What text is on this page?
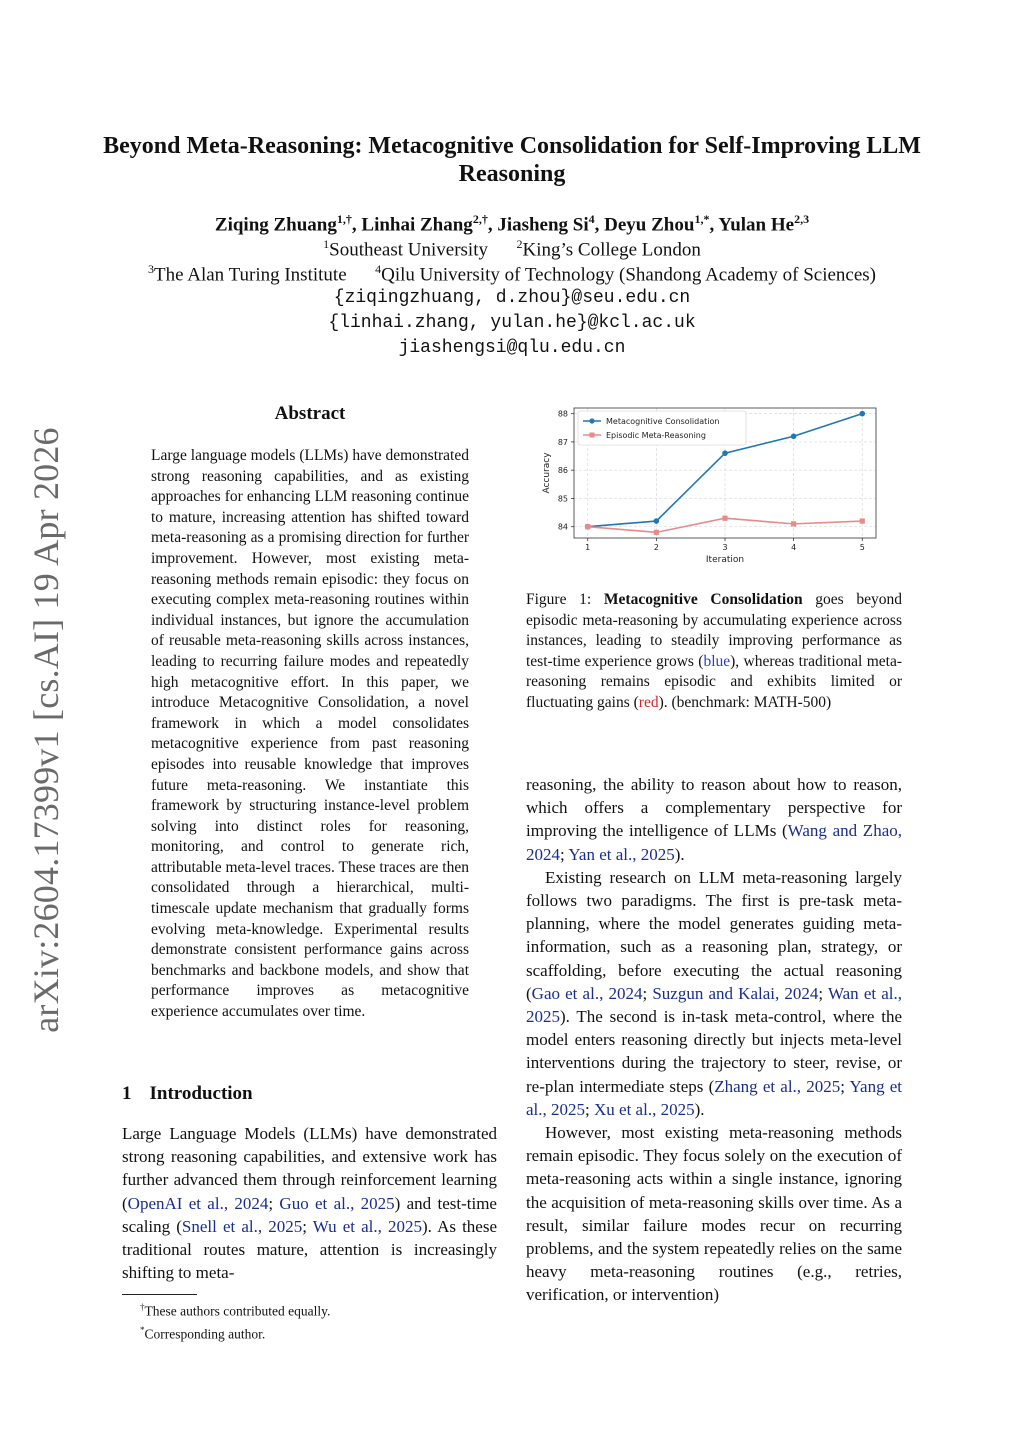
arXiv:2604.17399v1 [cs.AI] 19 Apr 2026
Beyond Meta-Reasoning: Metacognitive Consolidation for Self-Improving LLM Reasoning
Ziqing Zhuang$^{1,\dagger}$, Linhai Zhang$^{2,\dagger}$, Jiasheng Si$^4$, Deyu Zhou$^{1,*}$, Yulan He$^{2,3}$
$^1$Southeast University   $^2$King’s College London
$^3$The Alan Turing Institute   $^4$Qilu University of Technology (Shandong Academy of Sciences)
{ziqingzhuang, d.zhou}@seu.edu.cn
{linhai.zhang, yulan.he}@kcl.ac.uk
jiashengsi@qlu.edu.cn
Abstract
Large language models (LLMs) have demonstrated strong reasoning capabilities, and as existing approaches for enhancing LLM reasoning continue to mature, increasing attention has shifted toward meta-reasoning as a promising direction for further improvement. However, most existing meta-reasoning methods remain episodic: they focus on executing complex meta-reasoning routines within individual instances, but ignore the accumulation of reusable meta-reasoning skills across instances, leading to recurring failure modes and repeatedly high metacognitive effort. In this paper, we introduce Metacognitive Consolidation, a novel framework in which a model consolidates metacognitive experience from past reasoning episodes into reusable knowledge that improves future meta-reasoning. We instantiate this framework by structuring instance-level problem solving into distinct roles for reasoning, monitoring, and control to generate rich, attributable meta-level traces. These traces are then consolidated through a hierarchical, multi-timescale update mechanism that gradually forms evolving meta-knowledge. Experimental results demonstrate consistent performance gains across benchmarks and backbone models, and show that performance improves as metacognitive experience accumulates over time.
1 Introduction
Large Language Models (LLMs) have demonstrated strong reasoning capabilities, and extensive work has further advanced them through reinforcement learning (OpenAI et al., 2024; Guo et al., 2025) and test-time scaling (Snell et al., 2025; Wu et al., 2025). As these traditional routes mature, attention is increasingly shifting to meta-
†These authors contributed equally.
*Corresponding author.
84
85
86
87
88
1	2	3	4	5
Iteration
Accuracy
Metacognitive Consolidation
Episodic Meta-Reasoning
Figure 1: Metacognitive Consolidation goes beyond episodic meta-reasoning by accumulating experience across instances, leading to steadily improving performance as test-time experience grows (blue), whereas traditional meta-reasoning remains episodic and exhibits limited or fluctuating gains (red). (benchmark: MATH-500)

reasoning, the ability to reason about how to reason, which offers a complementary perspective for improving the intelligence of LLMs (Wang and Zhao, 2024; Yan et al., 2025).

Existing research on LLM meta-reasoning largely follows two paradigms. The first is pre-task meta-planning, where the model generates guiding meta-information, such as a reasoning plan, strategy, or scaffolding, before executing the actual reasoning (Gao et al., 2024; Suzgun and Kalai, 2024; Wan et al., 2025). The second is in-task meta-control, where the model enters reasoning directly but injects meta-level interventions during the trajectory to steer, revise, or re-plan intermediate steps (Zhang et al., 2025; Yang et al., 2025; Xu et al., 2025).

However, most existing meta-reasoning methods remain episodic. They focus solely on the execution of meta-reasoning acts within a single instance, ignoring the acquisition of meta-reasoning skills over time. As a result, similar failure modes recur on recurring problems, and the system repeatedly relies on the same heavy meta-reasoning routines (e.g., retries, verification, or intervention)
